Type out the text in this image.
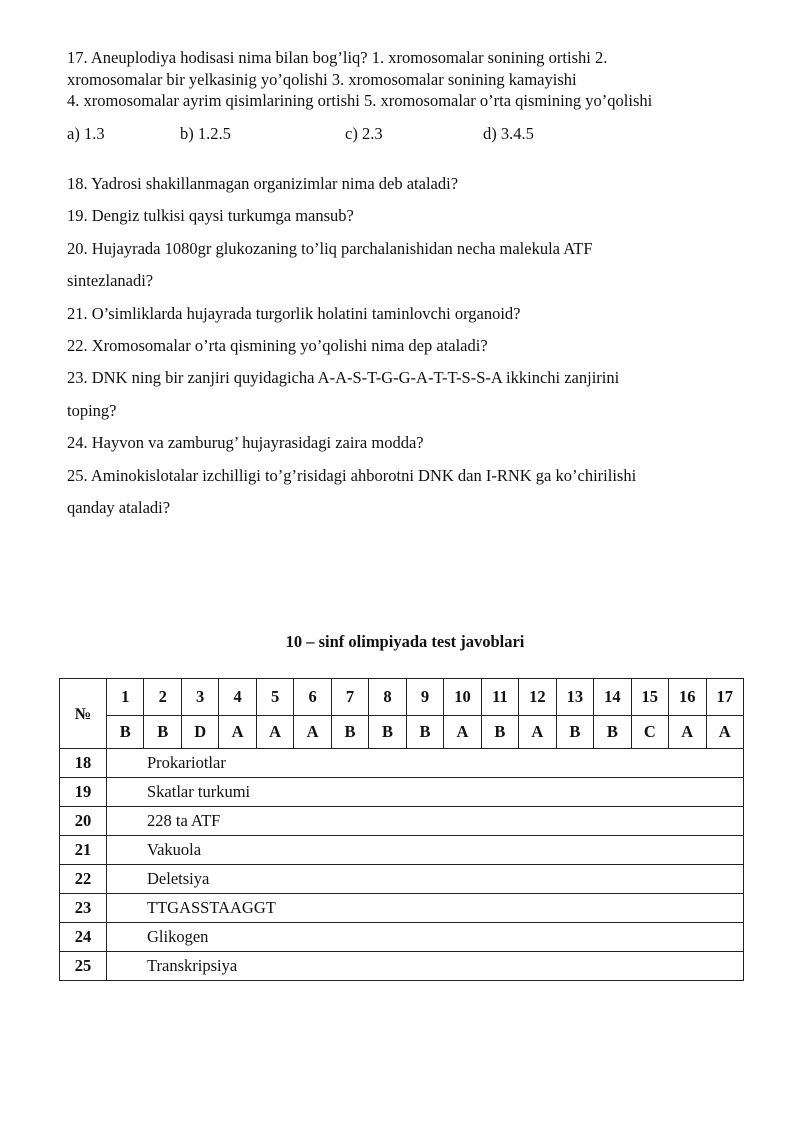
17. Aneuplodiya hodisasi nima bilan bog’liq? 1. xromosomalar sonining ortishi 2.

xromosomalar bir yelkasinig yo’qolishi 3. xromosomalar sonining kamayishi

4. xromosomalar ayrim qisimlarining ortishi 5. xromosomalar o’rta qismining yo’qolishi

a) 1.3	b) 1.2.5	c) 2.3	d) 3.4.5

18. Yadrosi shakillanmagan organizimlar nima deb ataladi?

19. Dengiz tulkisi qaysi turkumga mansub?

20. Hujayrada 1080gr glukozaning to’liq parchalanishidan necha malekula ATF

sintezlanadi?

21. O’simliklarda hujayrada turgorlik holatini taminlovchi organoid?

22. Xromosomalar o’rta qismining yo’qolishi nima dep ataladi?

23. DNK ning bir zanjiri quyidagicha A-A-S-T-G-G-A-T-T-S-S-A ikkinchi zanjirini

toping?

24. Hayvon va zamburug’ hujayrasidagi zaira modda?

25. Aminokislotalar izchilligi to’g’risidagi ahborotni DNK dan I-RNK ga ko’chirilishi

qanday ataladi?

10 – sinf olimpiyada test javoblari
№	1	2	3	4	5	6	7	8	9	10	11	12	13	14	15	16	17
	B	B	D	A	A	A	B	B	B	A	B	A	B	B	C	A	A
18	Prokariotlar																
19	Skatlar turkumi																
20	228 ta ATF																
21	Vakuola																
22	Deletsiya																
23	TTGASSTAAGGT																
24	Glikogen																
25	Transkripsiya																
